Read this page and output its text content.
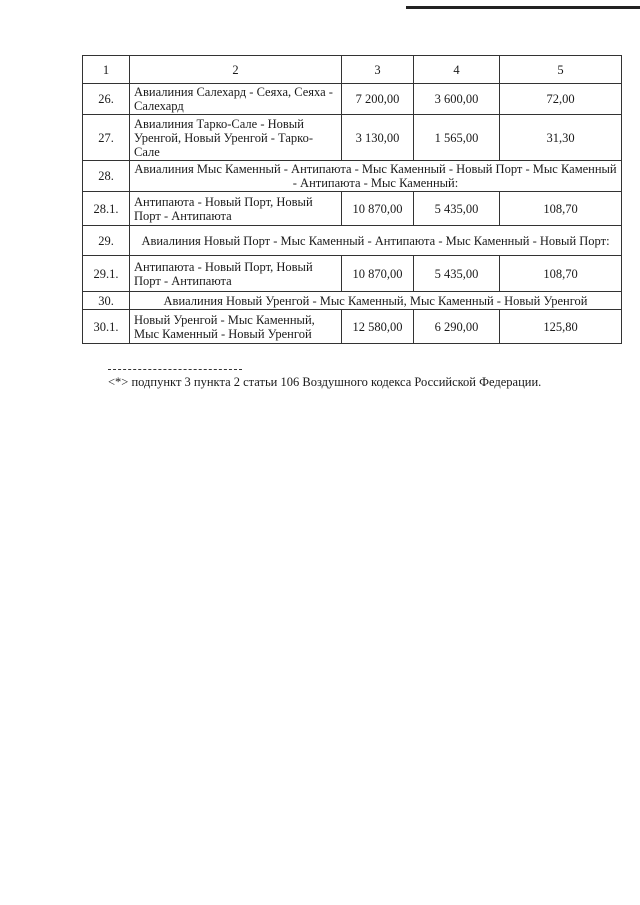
1	2	3	4	5
26.	Авиалиния Салехард - Сеяха, Сеяха - Салехард	7 200,00	3 600,00	72,00
27.	Авиалиния Тарко-Сале - Новый Уренгой, Новый Уренгой - Тарко-Сале	3 130,00	1 565,00	31,30
28.	Авиалиния Мыс Каменный - Антипаюта - Мыс Каменный - Новый Порт - Мыс Каменный - Антипаюта - Мыс Каменный:			
28.1.	Антипаюта - Новый Порт, Новый Порт - Антипаюта	10 870,00	5 435,00	108,70
29.	Авиалиния Новый Порт - Мыс Каменный - Антипаюта - Мыс Каменный - Новый Порт:			
29.1.	Антипаюта - Новый Порт, Новый Порт - Антипаюта	10 870,00	5 435,00	108,70
30.	Авиалиния Новый Уренгой - Мыс Каменный, Мыс Каменный - Новый Уренгой			
30.1.	Новый Уренгой - Мыс Каменный, Мыс Каменный - Новый Уренгой	12 580,00	6 290,00	125,80
<*> подпункт 3 пункта 2 статьи 106 Воздушного кодекса Российской Федерации.
